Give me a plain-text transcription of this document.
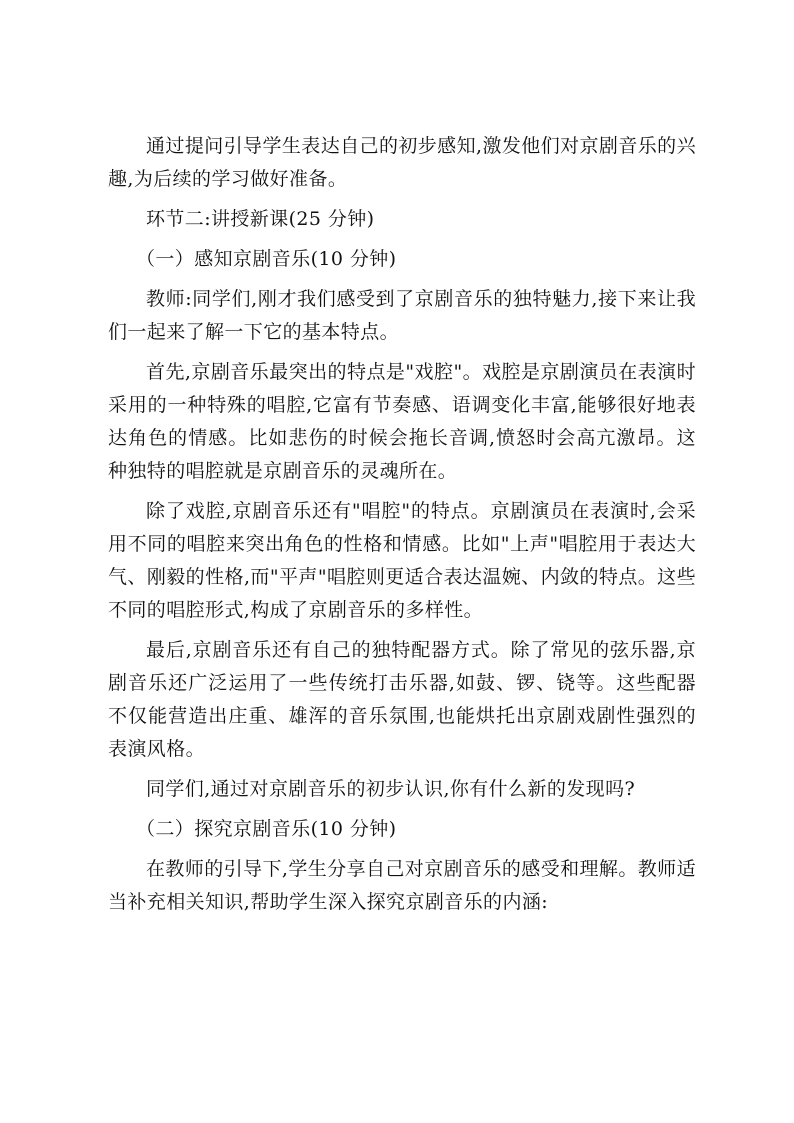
通过提问引导学生表达自己的初步感知,激发他们对京剧音乐的兴趣,为后续的学习做好准备。

环节二:讲授新课(25 分钟)

（一）感知京剧音乐(10 分钟)

教师:同学们,刚才我们感受到了京剧音乐的独特魅力,接下来让我们一起来了解一下它的基本特点。

首先,京剧音乐最突出的特点是"戏腔"。戏腔是京剧演员在表演时采用的一种特殊的唱腔,它富有节奏感、语调变化丰富,能够很好地表达角色的情感。比如悲伤的时候会拖长音调,愤怒时会高亢激昂。这种独特的唱腔就是京剧音乐的灵魂所在。

除了戏腔,京剧音乐还有"唱腔"的特点。京剧演员在表演时,会采用不同的唱腔来突出角色的性格和情感。比如"上声"唱腔用于表达大气、刚毅的性格,而"平声"唱腔则更适合表达温婉、内敛的特点。这些不同的唱腔形式,构成了京剧音乐的多样性。

最后,京剧音乐还有自己的独特配器方式。除了常见的弦乐器,京剧音乐还广泛运用了一些传统打击乐器,如鼓、锣、铙等。这些配器不仅能营造出庄重、雄浑的音乐氛围,也能烘托出京剧戏剧性强烈的表演风格。

同学们,通过对京剧音乐的初步认识,你有什么新的发现吗?

（二）探究京剧音乐(10 分钟)

在教师的引导下,学生分享自己对京剧音乐的感受和理解。教师适当补充相关知识,帮助学生深入探究京剧音乐的内涵:
